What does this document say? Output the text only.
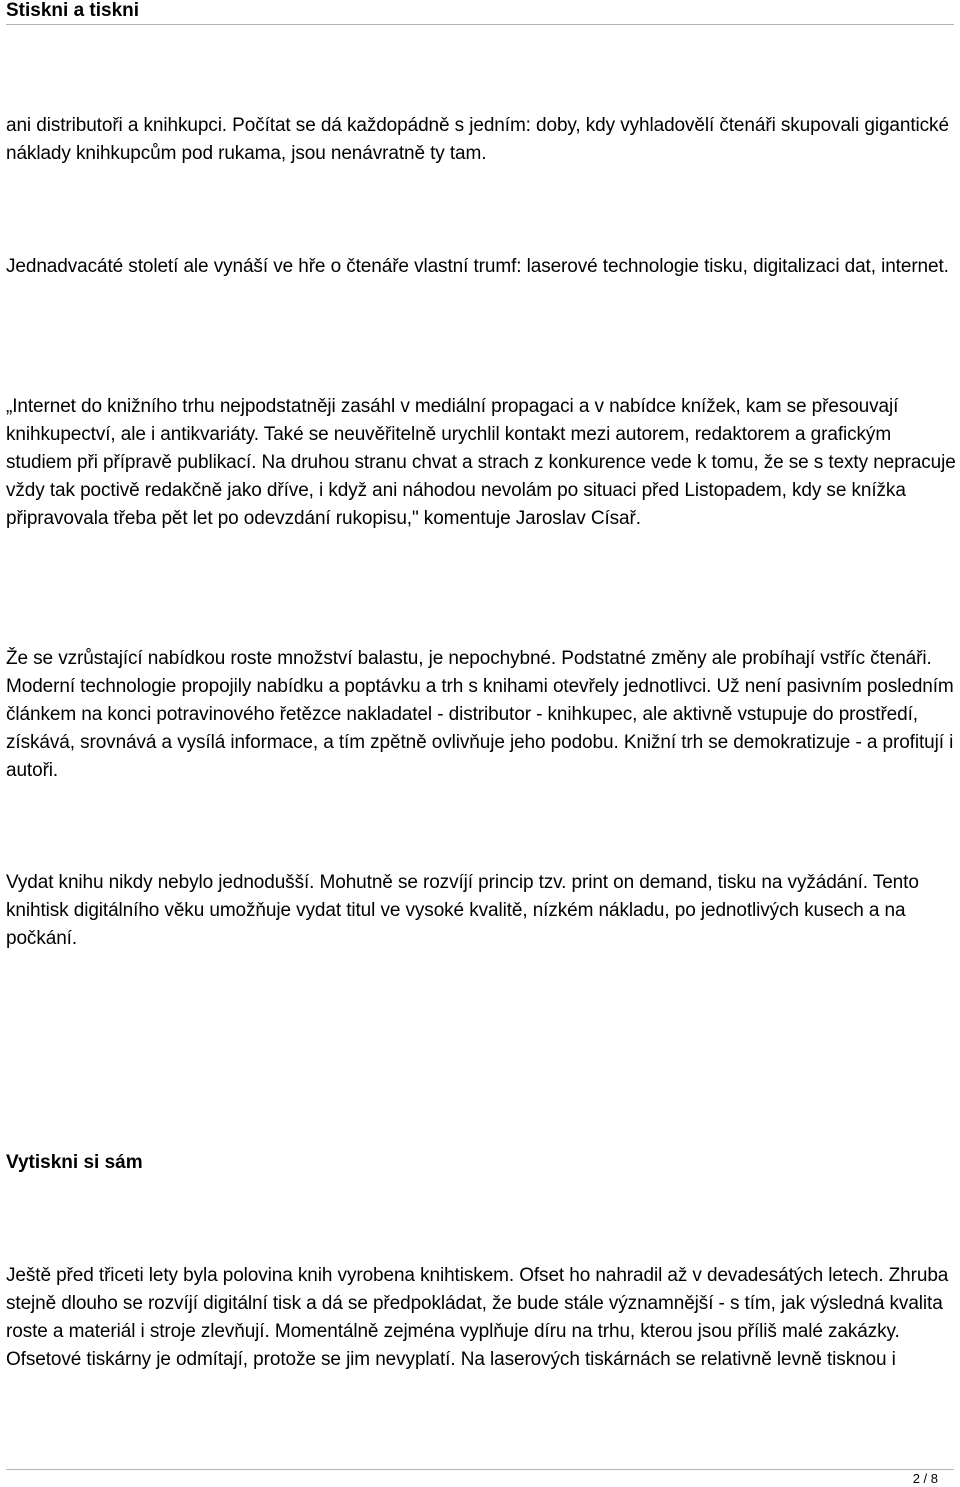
Stiskni a tiskni

ani distributoři a knihkupci. Počítat se dá každopádně s jedním: doby, kdy vyhladovělí čtenáři skupovali gigantické náklady knihkupcům pod rukama, jsou nenávratně ty tam.

Jednadvacáté století ale vynáší ve hře o čtenáře vlastní trumf: laserové technologie tisku, digitalizaci dat, internet.

„Internet do knižního trhu nejpodstatněji zasáhl v mediální propagaci a v nabídce knížek, kam se přesouvají knihkupectví, ale i antikvariáty. Také se neuvěřitelně urychlil kontakt mezi autorem, redaktorem a grafickým studiem při přípravě publikací. Na druhou stranu chvat a strach z konkurence vede k tomu, že se s texty nepracuje vždy tak poctivě redakčně jako dříve, i když ani náhodou nevolám po situaci před Listopadem, kdy se knížka připravovala třeba pět let po odevzdání rukopisu," komentuje Jaroslav Císař.

Že se vzrůstající nabídkou roste množství balastu, je nepochybné. Podstatné změny ale probíhají vstříc čtenáři. Moderní technologie propojily nabídku a poptávku a trh s knihami otevřely jednotlivci. Už není pasivním posledním článkem na konci potravinového řetězce nakladatel - distributor - knihkupec, ale aktivně vstupuje do prostředí, získává, srovnává a vysílá informace, a tím zpětně ovlivňuje jeho podobu. Knižní trh se demokratizuje - a profitují i autoři.

Vydat knihu nikdy nebylo jednodušší. Mohutně se rozvíjí princip tzv. print on demand, tisku na vyžádání. Tento knihtisk digitálního věku umožňuje vydat titul ve vysoké kvalitě, nízkém nákladu, po jednotlivých kusech a na počkání.

Vytiskni si sám

Ještě před třiceti lety byla polovina knih vyrobena knihtiskem. Ofset ho nahradil až v devadesátých letech. Zhruba stejně dlouho se rozvíjí digitální tisk a dá se předpokládat, že bude stále významnější - s tím, jak výsledná kvalita roste a materiál i stroje zlevňují. Momentálně zejména vyplňuje díru na trhu, kterou jsou příliš malé zakázky. Ofsetové tiskárny je odmítají, protože se jim nevyplatí. Na laserových tiskárnách se relativně levně tisknou i

2 / 8
